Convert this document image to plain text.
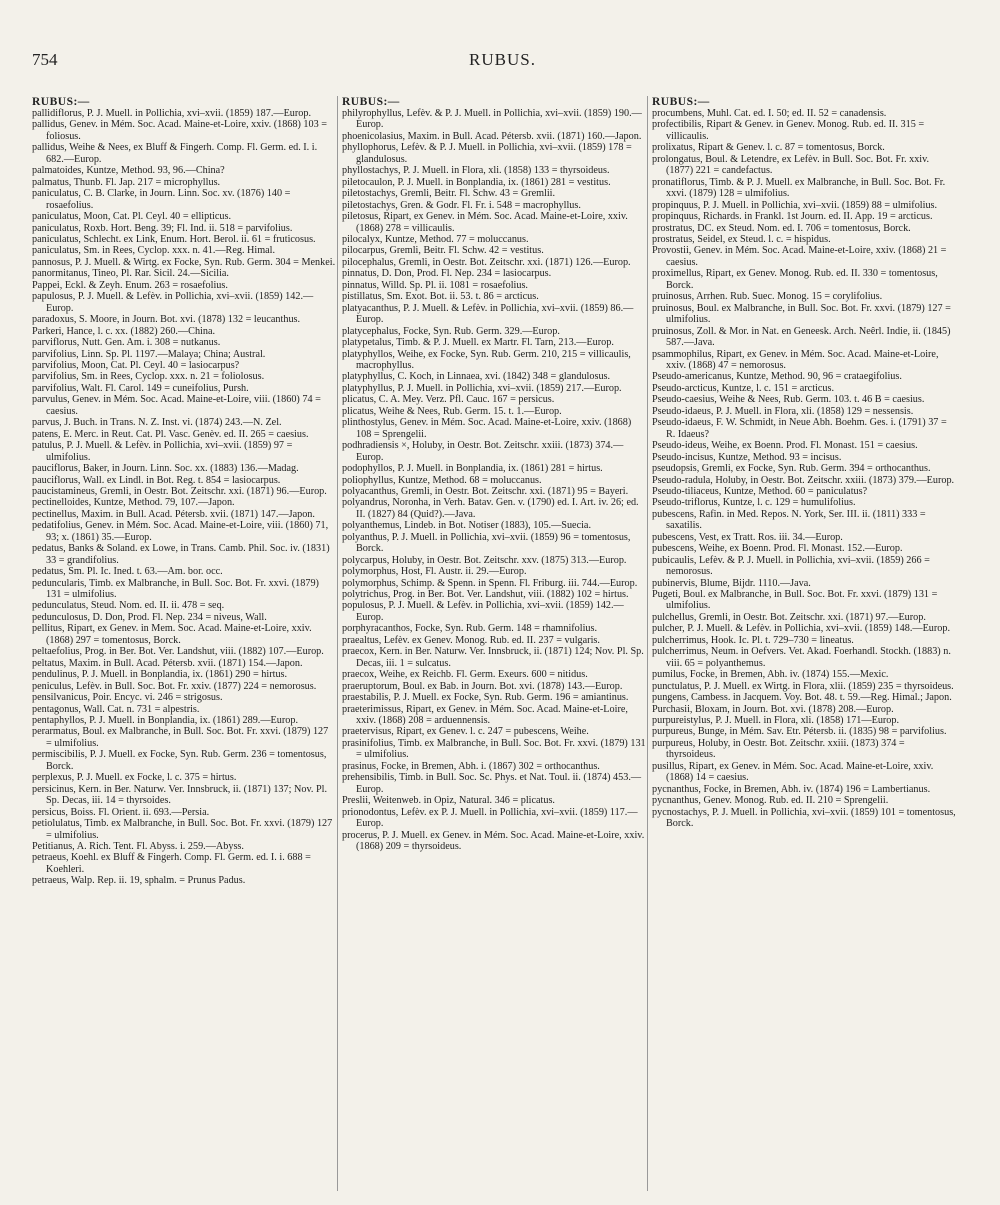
754	RUBUS.
RUBUS:—

pallidiflorus, P. J. Muell. in Pollichia, xvi–xvii. (1859) 187.—Europ.

pallidus, Genev. in Mém. Soc. Acad. Maine-et-Loire, xxiv. (1868) 103 = foliosus.

pallidus, Weihe & Nees, ex Bluff & Fingerh. Comp. Fl. Germ. ed. I. i. 682.—Europ.

palmatoides, Kuntze, Method. 93, 96.—China?

palmatus, Thunb. Fl. Jap. 217 = microphyllus.

paniculatus, C. B. Clarke, in Journ. Linn. Soc. xv. (1876) 140 = rosaefolius.

paniculatus, Moon, Cat. Pl. Ceyl. 40 = ellipticus.

paniculatus, Roxb. Hort. Beng. 39; Fl. Ind. ii. 518 = parvifolius.

paniculatus, Schlecht. ex Link, Enum. Hort. Berol. ii. 61 = fruticosus.

paniculatus, Sm. in Rees, Cyclop. xxx. n. 41.—Reg. Himal.

pannosus, P. J. Muell. & Wirtg. ex Focke, Syn. Rub. Germ. 304 = Menkei.

panormitanus, Tineo, Pl. Rar. Sicil. 24.—Sicilia.

Pappei, Eckl. & Zeyh. Enum. 263 = rosaefolius.

papulosus, P. J. Muell. & Lefèv. in Pollichia, xvi–xvii. (1859) 142.—Europ.

paradoxus, S. Moore, in Journ. Bot. xvi. (1878) 132 = leucanthus.

Parkeri, Hance, l. c. xx. (1882) 260.—China.

parviflorus, Nutt. Gen. Am. i. 308 = nutkanus.

parvifolius, Linn. Sp. Pl. 1197.—Malaya; China; Austral.

parvifolius, Moon, Cat. Pl. Ceyl. 40 = lasiocarpus?

parvifolius, Sm. in Rees, Cyclop. xxx. n. 21 = foliolosus.

parvifolius, Walt. Fl. Carol. 149 = cuneifolius, Pursh.

parvulus, Genev. in Mém. Soc. Acad. Maine-et-Loire, viii. (1860) 74 = caesius.

parvus, J. Buch. in Trans. N. Z. Inst. vi. (1874) 243.—N. Zel.

patens, E. Merc. in Reut. Cat. Pl. Vasc. Genèv. ed. II. 265 = caesius.

patulus, P. J. Muell. & Lefèv. in Pollichia, xvi–xvii. (1859) 97 = ulmifolius.

pauciflorus, Baker, in Journ. Linn. Soc. xx. (1883) 136.—Madag.

pauciflorus, Wall. ex Lindl. in Bot. Reg. t. 854 = lasiocarpus.

paucistamineus, Gremli, in Oestr. Bot. Zeitschr. xxi. (1871) 96.—Europ.

pectinelloides, Kuntze, Method. 79, 107.—Japon.

pectinellus, Maxim. in Bull. Acad. Pétersb. xvii. (1871) 147.—Japon.

pedatifolius, Genev. in Mém. Soc. Acad. Maine-et-Loire, viii. (1860) 71, 93; x. (1861) 35.—Europ.

pedatus, Banks & Soland. ex Lowe, in Trans. Camb. Phil. Soc. iv. (1831) 33 = grandifolius.

pedatus, Sm. Pl. Ic. Ined. t. 63.—Am. bor. occ.

peduncularis, Timb. ex Malbranche, in Bull. Soc. Bot. Fr. xxvi. (1879) 131 = ulmifolius.

pedunculatus, Steud. Nom. ed. II. ii. 478 = seq.

pedunculosus, D. Don, Prod. Fl. Nep. 234 = niveus, Wall.

pellitus, Ripart, ex Genev. in Mem. Soc. Acad. Maine-et-Loire, xxiv. (1868) 297 = tomentosus, Borck.

peltaefolius, Prog. in Ber. Bot. Ver. Landshut, viii. (1882) 107.—Europ.

peltatus, Maxim. in Bull. Acad. Pétersb. xvii. (1871) 154.—Japon.

pendulinus, P. J. Muell. in Bonplandia, ix. (1861) 290 = hirtus.

peniculus, Lefèv. in Bull. Soc. Bot. Fr. xxiv. (1877) 224 = nemorosus.

pensilvanicus, Poir. Encyc. vi. 246 = strigosus.

pentagonus, Wall. Cat. n. 731 = alpestris.

pentaphyllos, P. J. Muell. in Bonplandia, ix. (1861) 289.—Europ.

perarmatus, Boul. ex Malbranche, in Bull. Soc. Bot. Fr. xxvi. (1879) 127 = ulmifolius.

permiscibilis, P. J. Muell. ex Focke, Syn. Rub. Germ. 236 = tomentosus, Borck.

perplexus, P. J. Muell. ex Focke, l. c. 375 = hirtus.

persicinus, Kern. in Ber. Naturw. Ver. Innsbruck, ii. (1871) 137; Nov. Pl. Sp. Decas, iii. 14 = thyrsoides.

persicus, Boiss. Fl. Orient. ii. 693.—Persia.

petiolulatus, Timb. ex Malbranche, in Bull. Soc. Bot. Fr. xxvi. (1879) 127 = ulmifolius.

Petitianus, A. Rich. Tent. Fl. Abyss. i. 259.—Abyss.

petraeus, Koehl. ex Bluff & Fingerh. Comp. Fl. Germ. ed. I. i. 688 = Koehleri.

petraeus, Walp. Rep. ii. 19, sphalm. = Prunus Padus.

RUBUS:—

philyrophyllus, Lefèv. & P. J. Muell. in Pollichia, xvi–xvii. (1859) 190.—Europ.

phoenicolasius, Maxim. in Bull. Acad. Pétersb. xvii. (1871) 160.—Japon.

phyllophorus, Lefèv. & P. J. Muell. in Pollichia, xvi–xvii. (1859) 178 = glandulosus.

phyllostachys, P. J. Muell. in Flora, xli. (1858) 133 = thyrsoideus.

piletocaulon, P. J. Muell. in Bonplandia, ix. (1861) 281 = vestitus.

piletostachys, Gremli, Beitr. Fl. Schw. 43 = Gremlii.

piletostachys, Gren. & Godr. Fl. Fr. i. 548 = macrophyllus.

piletosus, Ripart, ex Genev. in Mém. Soc. Acad. Maine-et-Loire, xxiv. (1868) 278 = villicaulis.

pilocalyx, Kuntze, Method. 77 = moluccanus.

pilocarpus, Gremli, Beitr. Fl. Schw. 42 = vestitus.

pilocephalus, Gremli, in Oestr. Bot. Zeitschr. xxi. (1871) 126.—Europ.

pinnatus, D. Don, Prod. Fl. Nep. 234 = lasiocarpus.

pinnatus, Willd. Sp. Pl. ii. 1081 = rosaefolius.

pistillatus, Sm. Exot. Bot. ii. 53. t. 86 = arcticus.

platyacanthus, P. J. Muell. & Lefèv. in Pollichia, xvi–xvii. (1859) 86.—Europ.

platycephalus, Focke, Syn. Rub. Germ. 329.—Europ.

platypetalus, Timb. & P. J. Muell. ex Martr. Fl. Tarn, 213.—Europ.

platyphyllos, Weihe, ex Focke, Syn. Rub. Germ. 210, 215 = villicaulis, macrophyllus.

platyphyllus, C. Koch, in Linnaea, xvi. (1842) 348 = glandulosus.

platyphyllus, P. J. Muell. in Pollichia, xvi–xvii. (1859) 217.—Europ.

plicatus, C. A. Mey. Verz. Pfl. Cauc. 167 = persicus.

plicatus, Weihe & Nees, Rub. Germ. 15. t. 1.—Europ.

plinthostylus, Genev. in Mém. Soc. Acad. Maine-et-Loire, xxiv. (1868) 108 = Sprengelii.

podhradiensis ×, Holuby, in Oestr. Bot. Zeitschr. xxiii. (1873) 374.—Europ.

podophyllos, P. J. Muell. in Bonplandia, ix. (1861) 281 = hirtus.

poliophyllus, Kuntze, Method. 68 = moluccanus.

polyacanthus, Gremli, in Oestr. Bot. Zeitschr. xxi. (1871) 95 = Bayeri.

polyandrus, Noronha, in Verh. Batav. Gen. v. (1790) ed. I. Art. iv. 26; ed. II. (1827) 84 (Quid?).—Java.

polyanthemus, Lindeb. in Bot. Notiser (1883), 105.—Suecia.

polyanthus, P. J. Muell. in Pollichia, xvi–xvii. (1859) 96 = tomentosus, Borck.

polycarpus, Holuby, in Oestr. Bot. Zeitschr. xxv. (1875) 313.—Europ.

polymorphus, Host, Fl. Austr. ii. 29.—Europ.

polymorphus, Schimp. & Spenn. in Spenn. Fl. Friburg. iii. 744.—Europ.

polytrichus, Prog. in Ber. Bot. Ver. Landshut, viii. (1882) 102 = hirtus.

populosus, P. J. Muell. & Lefèv. in Pollichia, xvi–xvii. (1859) 142.—Europ.

porphyracanthos, Focke, Syn. Rub. Germ. 148 = rhamnifolius.

praealtus, Lefèv. ex Genev. Monog. Rub. ed. II. 237 = vulgaris.

praecox, Kern. in Ber. Naturw. Ver. Innsbruck, ii. (1871) 124; Nov. Pl. Sp. Decas, iii. 1 = sulcatus.

praecox, Weihe, ex Reichb. Fl. Germ. Exeurs. 600 = nitidus.

praeruptorum, Boul. ex Bab. in Journ. Bot. xvi. (1878) 143.—Europ.

praestabilis, P. J. Muell. ex Focke, Syn. Rub. Germ. 196 = amiantinus.

praeterimissus, Ripart, ex Genev. in Mém. Soc. Acad. Maine-et-Loire, xxiv. (1868) 208 = arduennensis.

praetervisus, Ripart, ex Genev. l. c. 247 = pubescens, Weihe.

prasinifolius, Timb. ex Malbranche, in Bull. Soc. Bot. Fr. xxvi. (1879) 131 = ulmifolius.

prasinus, Focke, in Bremen, Abh. i. (1867) 302 = orthocanthus.

prehensibilis, Timb. in Bull. Soc. Sc. Phys. et Nat. Toul. ii. (1874) 453.—Europ.

Preslii, Weitenweb. in Opiz, Natural. 346 = plicatus.

prionodontus, Lefèv. ex P. J. Muell. in Pollichia, xvi–xvii. (1859) 117.—Europ.

procerus, P. J. Muell. ex Genev. in Mém. Soc. Acad. Maine-et-Loire, xxiv. (1868) 209 = thyrsoideus.

RUBUS:—

procumbens, Muhl. Cat. ed. I. 50; ed. II. 52 = canadensis.

profectibilis, Ripart & Genev. in Genev. Monog. Rub. ed. II. 315 = villicaulis.

prolixatus, Ripart & Genev. l. c. 87 = tomentosus, Borck.

prolongatus, Boul. & Letendre, ex Lefèv. in Bull. Soc. Bot. Fr. xxiv. (1877) 221 = candefactus.

pronatiflorus, Timb. & P. J. Muell. ex Malbranche, in Bull. Soc. Bot. Fr. xxvi. (1879) 128 = ulmifolius.

propinquus, P. J. Muell. in Pollichia, xvi–xvii. (1859) 88 = ulmifolius.

propinquus, Richards. in Frankl. 1st Journ. ed. II. App. 19 = arcticus.

prostratus, DC. ex Steud. Nom. ed. I. 706 = tomentosus, Borck.

prostratus, Seidel, ex Steud. l. c. = hispidus.

Provostii, Genev. in Mém. Soc. Acad. Maine-et-Loire, xxiv. (1868) 21 = caesius.

proximellus, Ripart, ex Genev. Monog. Rub. ed. II. 330 = tomentosus, Borck.

pruinosus, Arrhen. Rub. Suec. Monog. 15 = corylifolius.

pruinosus, Boul. ex Malbranche, in Bull. Soc. Bot. Fr. xxvi. (1879) 127 = ulmifolius.

pruinosus, Zoll. & Mor. in Nat. en Geneesk. Arch. Neêrl. Indie, ii. (1845) 587.—Java.

psammophilus, Ripart, ex Genev. in Mém. Soc. Acad. Maine-et-Loire, xxiv. (1868) 47 = nemorosus.

Pseudo-americanus, Kuntze, Method. 90, 96 = crataegifolius.

Pseudo-arcticus, Kuntze, l. c. 151 = arcticus.

Pseudo-caesius, Weihe & Nees, Rub. Germ. 103. t. 46 B = caesius.

Pseudo-idaeus, P. J. Muell. in Flora, xli. (1858) 129 = nessensis.

Pseudo-idaeus, F. W. Schmidt, in Neue Abh. Boehm. Ges. i. (1791) 37 = R. Idaeus?

Pseudo-ideus, Weihe, ex Boenn. Prod. Fl. Monast. 151 = caesius.

Pseudo-incisus, Kuntze, Method. 93 = incisus.

pseudopsis, Gremli, ex Focke, Syn. Rub. Germ. 394 = orthocanthus.

Pseudo-radula, Holuby, in Oestr. Bot. Zeitschr. xxiii. (1873) 379.—Europ.

Pseudo-tiliaceus, Kuntze, Method. 60 = paniculatus?

Pseudo-triflorus, Kuntze, l. c. 129 = humulifolius.

pubescens, Rafin. in Med. Repos. N. York, Ser. III. ii. (1811) 333 = saxatilis.

pubescens, Vest, ex Tratt. Ros. iii. 34.—Europ.

pubescens, Weihe, ex Boenn. Prod. Fl. Monast. 152.—Europ.

pubicaulis, Lefèv. & P. J. Muell. in Pollichia, xvi–xvii. (1859) 266 = nemorosus.

pubinervis, Blume, Bijdr. 1110.—Java.

Pugeti, Boul. ex Malbranche, in Bull. Soc. Bot. Fr. xxvi. (1879) 131 = ulmifolius.

pulchellus, Gremli, in Oestr. Bot. Zeitschr. xxi. (1871) 97.—Europ.

pulcher, P. J. Muell. & Lefèv. in Pollichia, xvi–xvii. (1859) 148.—Europ.

pulcherrimus, Hook. Ic. Pl. t. 729–730 = lineatus.

pulcherrimus, Neum. in Oefvers. Vet. Akad. Foerhandl. Stockh. (1883) n. viii. 65 = polyanthemus.

pumilus, Focke, in Bremen, Abh. iv. (1874) 155.—Mexic.

punctulatus, P. J. Muell. ex Wirtg. in Flora, xlii. (1859) 235 = thyrsoideus.

pungens, Cambess. in Jacquem. Voy. Bot. 48. t. 59.—Reg. Himal.; Japon.

Purchasii, Bloxam, in Journ. Bot. xvi. (1878) 208.—Europ.

purpureistylus, P. J. Muell. in Flora, xli. (1858) 171—Europ.

purpureus, Bunge, in Mém. Sav. Etr. Pétersb. ii. (1835) 98 = parvifolius.

purpureus, Holuby, in Oestr. Bot. Zeitschr. xxiii. (1873) 374 = thyrsoideus.

pusillus, Ripart, ex Genev. in Mém. Soc. Acad. Maine-et-Loire, xxiv. (1868) 14 = caesius.

pycnanthus, Focke, in Bremen, Abh. iv. (1874) 196 = Lambertianus.

pycnanthus, Genev. Monog. Rub. ed. II. 210 = Sprengelii.

pycnostachys, P. J. Muell. in Pollichia, xvi–xvii. (1859) 101 = tomentosus, Borck.
